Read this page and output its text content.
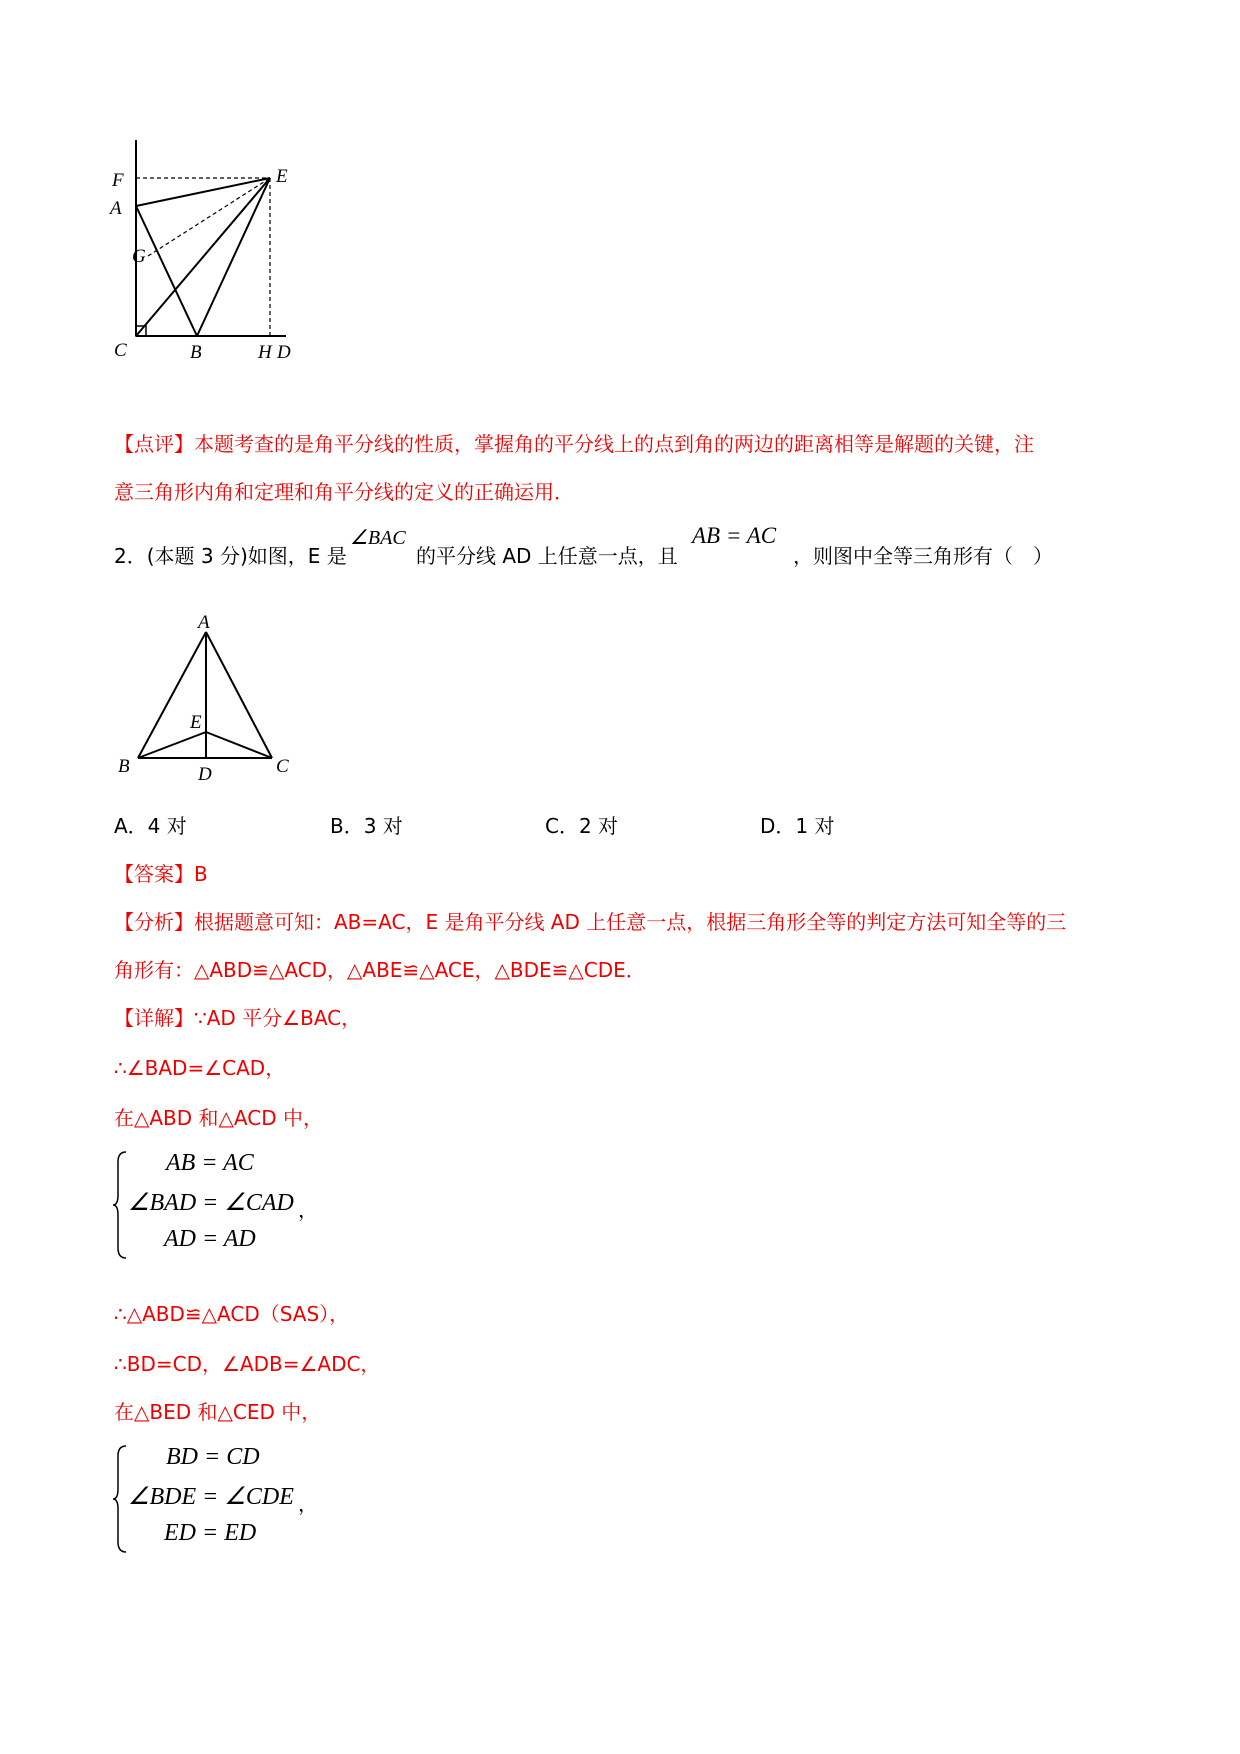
F	E
A
G
C	B	H D
【点评】本题考查的是角平分线的性质，掌握角的平分线上的点到角的两边的距离相等是解题的关键，注
意三角形内角和定理和角平分线的定义的正确运用．
2．(本题 3 分)如图，E 是
∠BAC
的平分线 AD 上任意一点，且
AB = AC
，则图中全等三角形有（　）
A
E
B	D	C
A．4 对	B．3 对	C．2 对	D．1 对
【答案】B
【分析】根据题意可知：AB=AC，E 是角平分线 AD 上任意一点，根据三角形全等的判定方法可知全等的三
角形有：△ABD≌△ACD，△ABE≌△ACE，△BDE≌△CDE．
【详解】∵AD 平分∠BAC，
∴∠BAD=∠CAD，
在△ABD 和△ACD 中，
AB = AC
∠BAD = ∠CAD
AD = AD
，
∴△ABD≌△ACD（SAS），
∴BD=CD，∠ADB=∠ADC，
在△BED 和△CED 中，
BD = CD
∠BDE = ∠CDE
ED = ED
，
